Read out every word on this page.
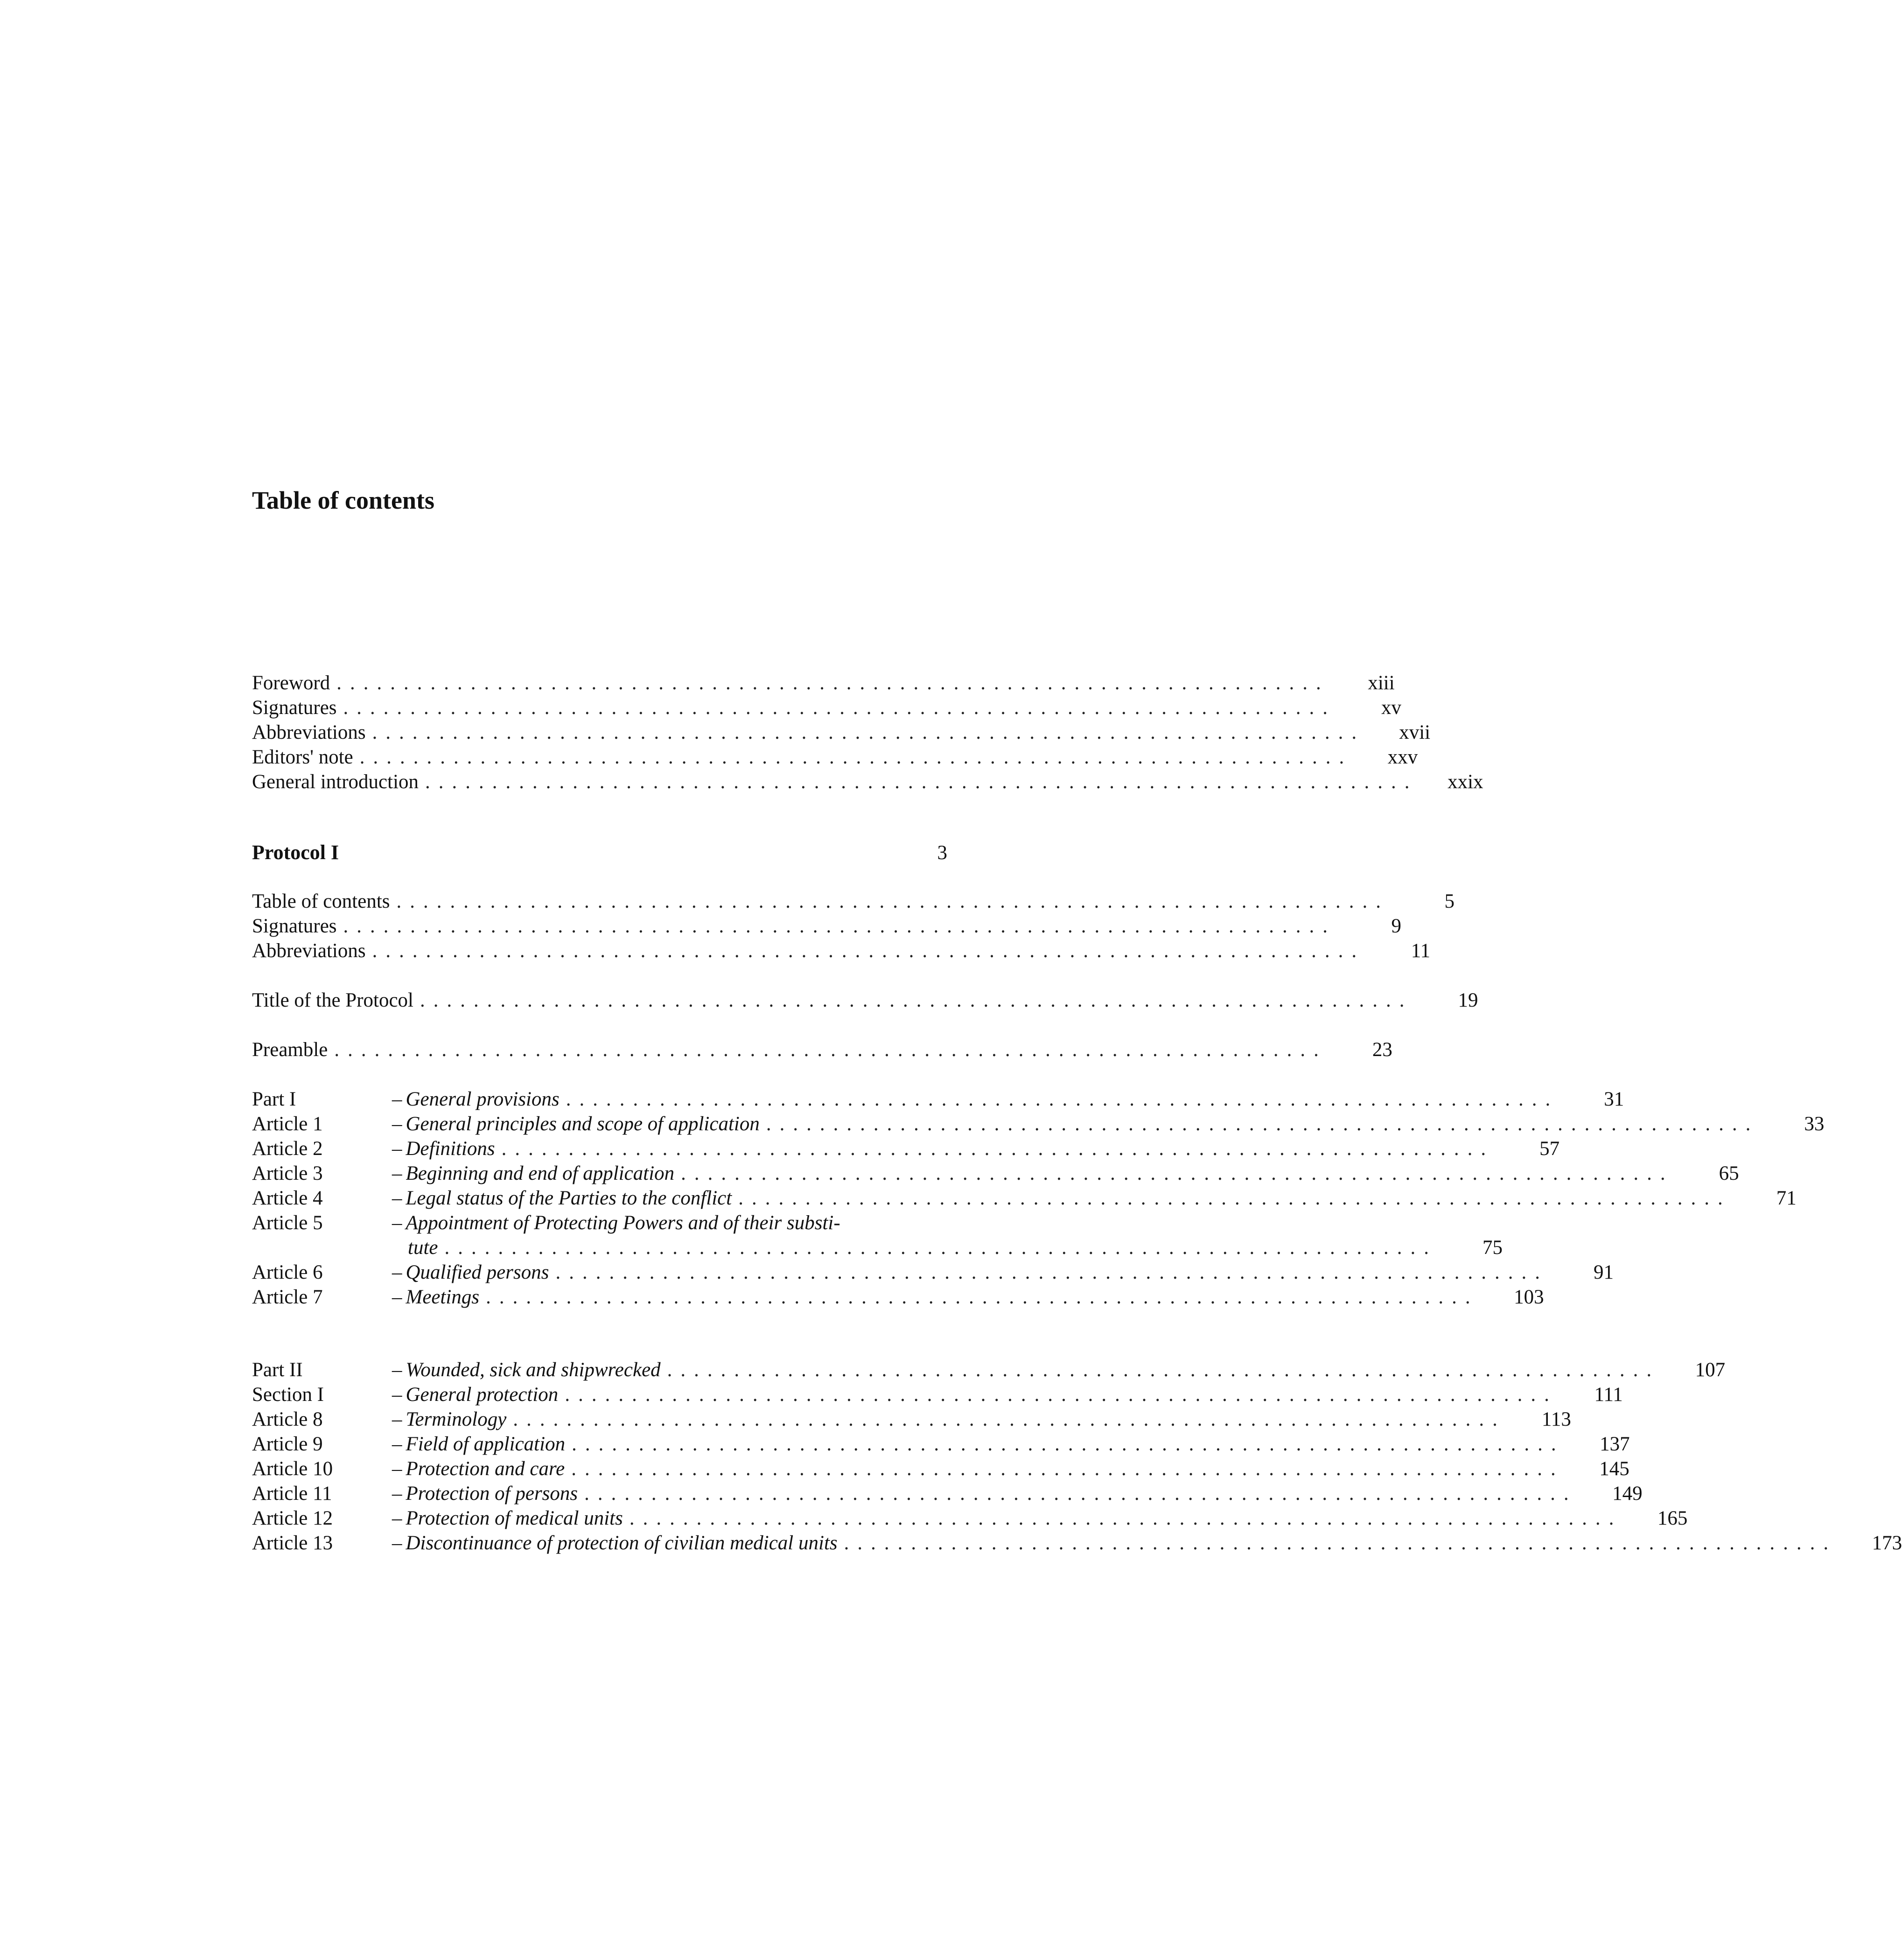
Table of contents
Foreword ..........................................................................	xiii
Signatures ..........................................................................	xv
Abbreviations ..........................................................................	xvii
Editors' note ..........................................................................	xxv
General introduction ..........................................................................	xxix
Protocol I	3
Table of contents ..........................................................................	5
Signatures ..........................................................................	9
Abbreviations ..........................................................................	11
Title of the Protocol ..........................................................................	19
Preamble ..........................................................................	23
Part I	– General provisions ..........................................................................	31
Article 1	– General principles and scope of application ..........................................................................	33
Article 2	– Definitions ..........................................................................	57
Article 3	– Beginning and end of application ..........................................................................	65
Article 4	– Legal status of the Parties to the conflict ..........................................................................	71
Article 5	– Appointment of Protecting Powers and of their substi-
tute ..........................................................................	75
Article 6	– Qualified persons ..........................................................................	91
Article 7	– Meetings ..........................................................................	103
Part II	– Wounded, sick and shipwrecked ..........................................................................	107
Section I	– General protection ..........................................................................	111
Article 8	– Terminology ..........................................................................	113
Article 9	– Field of application ..........................................................................	137
Article 10	– Protection and care ..........................................................................	145
Article 11	– Protection of persons ..........................................................................	149
Article 12	– Protection of medical units ..........................................................................	165
Article 13	– Discontinuance of protection of civilian medical units ..........................................................................	173
